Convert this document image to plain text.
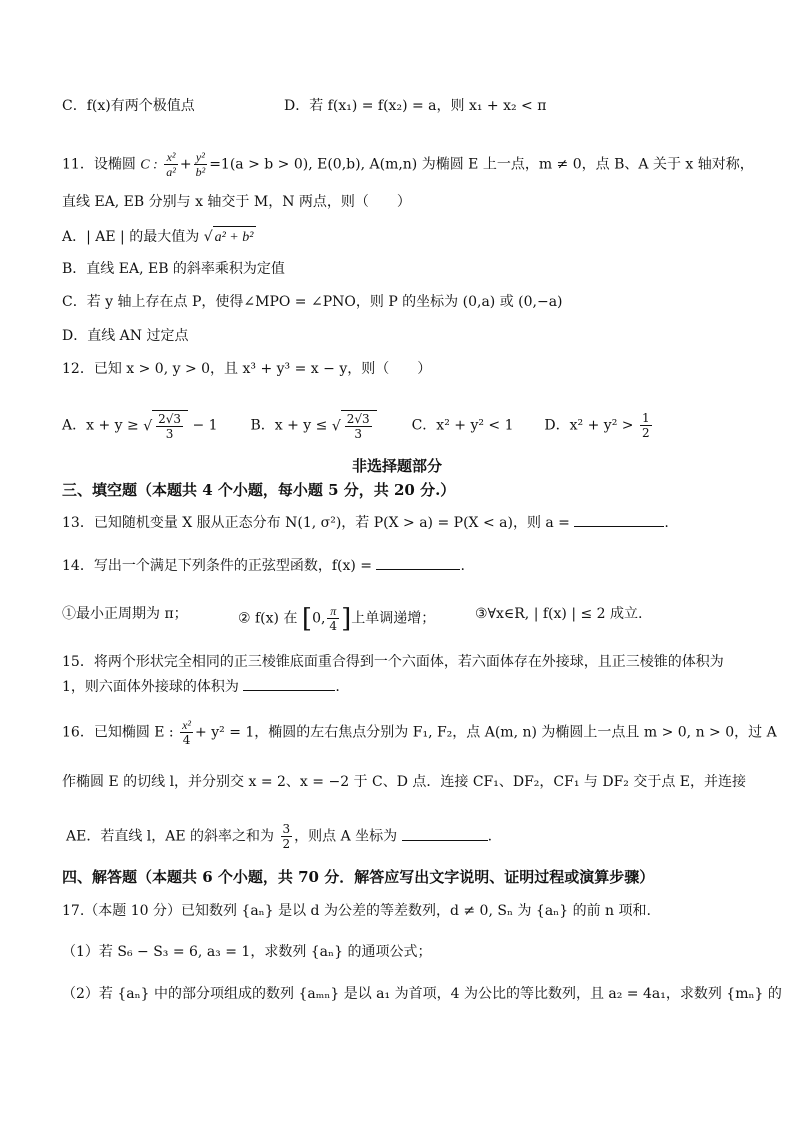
C．f(x)有两个极值点	D．若 f(x₁) = f(x₂) = a，则 x₁ + x₂ < π
11．设椭圆 C : $\frac{\text{x²}}{\text{a²}} + \frac{\text{y²}}{\text{b²}} =1(a > b > 0)$, E(0,b), A(m,n) 为椭圆 E 上一点，m ≠ 0，点 B、A 关于 x 轴对称，
直线 EA, EB 分别与 x 轴交于 M，N 两点，则（　　）
A．| AE | 的最大值为 √ a² + b²
B．直线 EA, EB 的斜率乘积为定值
C．若 y 轴上存在点 P，使得∠MPO = ∠PNO，则 P 的坐标为 (0,a) 或 (0,−a)
D．直线 AN 过定点
12．已知 x > 0, y > 0，且 x³ + y³ = x − y，则（　　）
A．x + y ≥ √ $\frac{2√3}{3} - 1$ B．x + y ≤ √ $\frac{2√3}{3}$	C．x² + y² < 1 D．$x^2 + y^2 > \frac{1}{2}$
非选择题部分
三、填空题（本题共 4 个小题，每小题 5 分，共 20 分.）
13．已知随机变量 X 服从正态分布 N(1, σ²)，若 P(X > a) = P(X < a)，则 a =	.
14．写出一个满足下列条件的正弦型函数，f(x) =	.
①最小正周期为 π；	② f(x) 在 [0, $\frac{\pi}{4}$ ]上单调递增；	③∀x∈R, | f(x) | ≤ 2 成立.
15．将两个形状完全相同的正三棱锥底面重合得到一个六面体，若六面体存在外接球，且正三棱锥的体积为
1，则六面体外接球的体积为	.
16．已知椭圆 E : $\frac{\text{x²}}{4} + y^2 = 1$，椭圆的左右焦点分别为 F₁, F₂，点 A(m, n) 为椭圆上一点且 m > 0, n > 0，过 A
作椭圆 E 的切线 l，并分别交 x = 2、x = −2 于 C、D 点．连接 CF₁、DF₂，CF₁ 与 DF₂ 交于点 E，并连接
AE．若直线 l，AE 的斜率之和为 $\frac{3}{2}$ ，则点 A 坐标为	.
四、解答题（本题共 6 个小题，共 70 分．解答应写出文字说明、证明过程或演算步骤）
17.（本题 10 分）已知数列 {aₙ} 是以 d 为公差的等差数列，d ≠ 0, Sₙ 为 {aₙ} 的前 n 项和.
（1）若 S₆ − S₃ = 6, a₃ = 1，求数列 {aₙ} 的通项公式；
（2）若 {aₙ} 中的部分项组成的数列 {aₘₙ} 是以 a₁ 为首项，4 为公比的等比数列，且 a₂ = 4a₁，求数列 {mₙ} 的
